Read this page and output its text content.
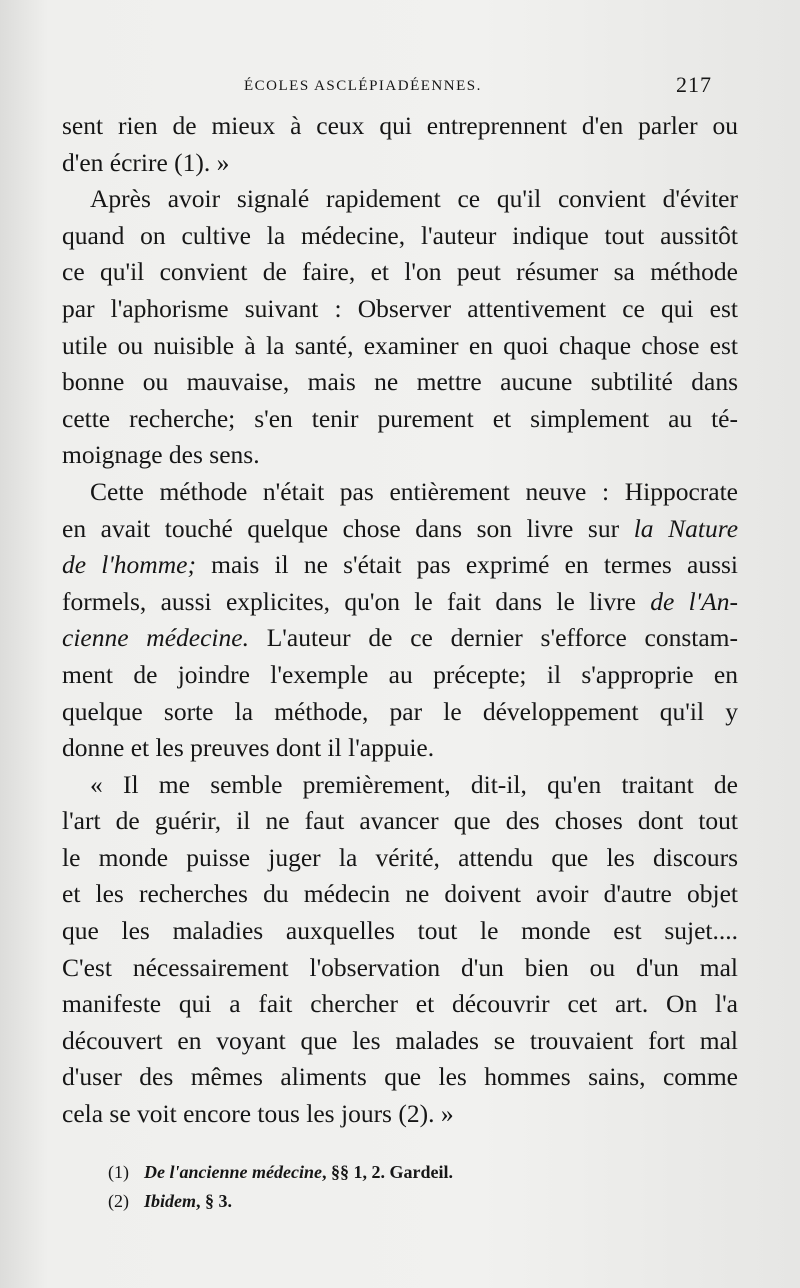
ÉCOLES ASCLÉPIADÉENNES.	217
sent rien de mieux à ceux qui entreprennent d'en parler ou
d'en écrire (1). »
Après avoir signalé rapidement ce qu'il convient d'éviter
quand on cultive la médecine, l'auteur indique tout aussitôt
ce qu'il convient de faire, et l'on peut résumer sa méthode
par l'aphorisme suivant : Observer attentivement ce qui est
utile ou nuisible à la santé, examiner en quoi chaque chose est
bonne ou mauvaise, mais ne mettre aucune subtilité dans
cette recherche; s'en tenir purement et simplement au té-
moignage des sens.
Cette méthode n'était pas entièrement neuve : Hippocrate
en avait touché quelque chose dans son livre sur la Nature
de l'homme; mais il ne s'était pas exprimé en termes aussi
formels, aussi explicites, qu'on le fait dans le livre de l'An-
cienne médecine. L'auteur de ce dernier s'efforce constam-
ment de joindre l'exemple au précepte; il s'approprie en
quelque sorte la méthode, par le développement qu'il y
donne et les preuves dont il l'appuie.
« Il me semble premièrement, dit-il, qu'en traitant de
l'art de guérir, il ne faut avancer que des choses dont tout
le monde puisse juger la vérité, attendu que les discours
et les recherches du médecin ne doivent avoir d'autre objet
que les maladies auxquelles tout le monde est sujet....
C'est nécessairement l'observation d'un bien ou d'un mal
manifeste qui a fait chercher et découvrir cet art. On l'a
découvert en voyant que les malades se trouvaient fort mal
d'user des mêmes aliments que les hommes sains, comme
cela se voit encore tous les jours (2). »
(1) De l'ancienne médecine, §§ 1, 2. Gardeil.
(2) Ibidem, § 3.
